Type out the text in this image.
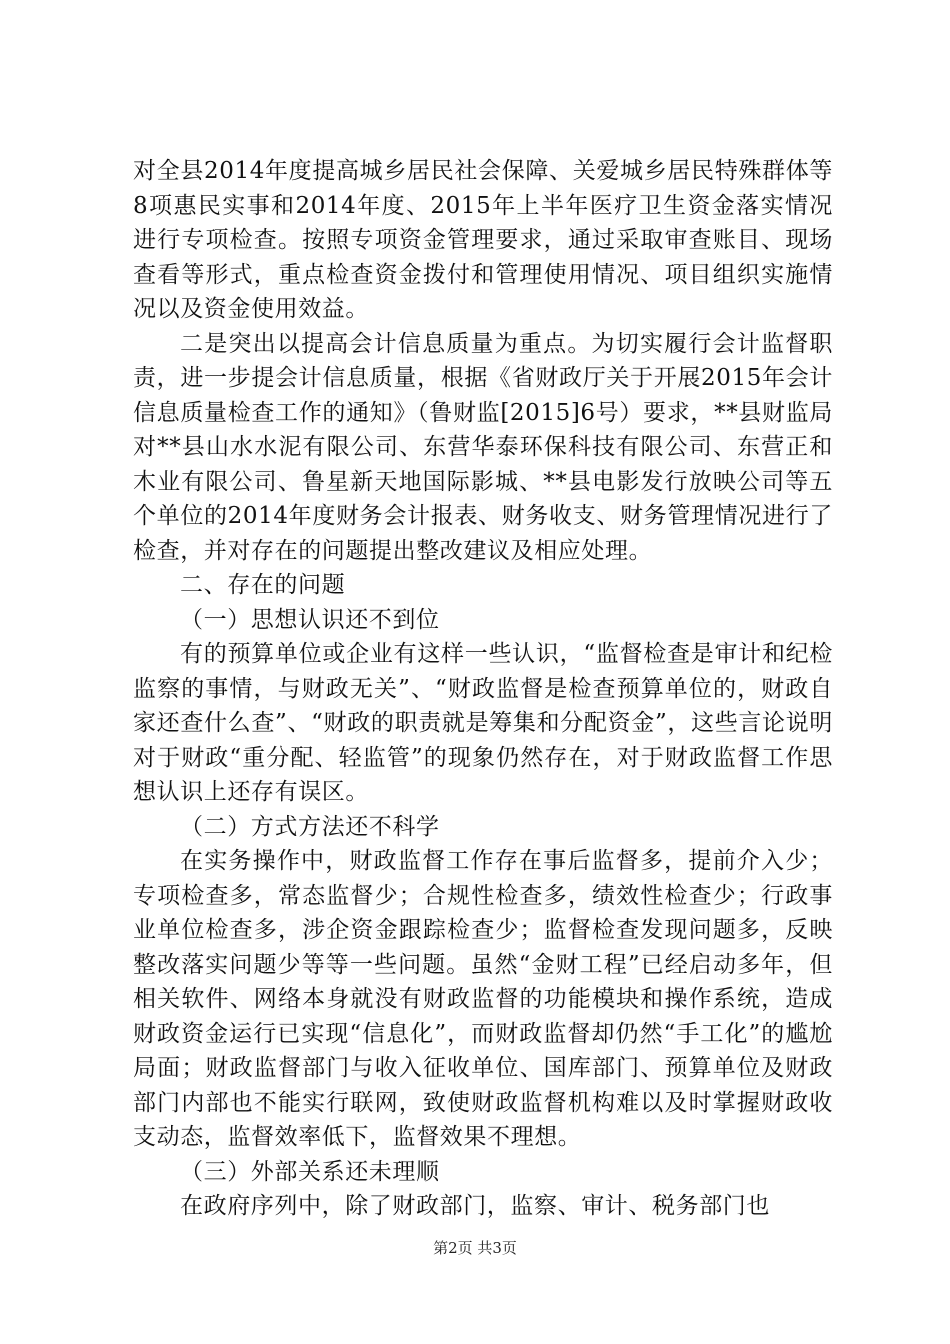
对全县2014年度提高城乡居民社会保障、关爱城乡居民特殊群体等8项惠民实事和2014年度、2015年上半年医疗卫生资金落实情况进行专项检查。按照专项资金管理要求，通过采取审查账目、现场查看等形式，重点检查资金拨付和管理使用情况、项目组织实施情况以及资金使用效益。

二是突出以提高会计信息质量为重点。为切实履行会计监督职责，进一步提会计信息质量，根据《省财政厅关于开展2015年会计信息质量检查工作的通知》（鲁财监[2015]6号）要求，**县财监局对**县山水水泥有限公司、东营华泰环保科技有限公司、东营正和木业有限公司、鲁星新天地国际影城、**县电影发行放映公司等五个单位的2014年度财务会计报表、财务收支、财务管理情况进行了检查，并对存在的问题提出整改建议及相应处理。

二、存在的问题

（一）思想认识还不到位

有的预算单位或企业有这样一些认识，“监督检查是审计和纪检监察的事情，与财政无关”、“财政监督是检查预算单位的，财政自家还查什么查”、“财政的职责就是筹集和分配资金”，这些言论说明对于财政“重分配、轻监管”的现象仍然存在，对于财政监督工作思想认识上还存有误区。

（二）方式方法还不科学

在实务操作中，财政监督工作存在事后监督多，提前介入少；专项检查多，常态监督少；合规性检查多，绩效性检查少；行政事业单位检查多，涉企资金跟踪检查少；监督检查发现问题多，反映整改落实问题少等等一些问题。虽然“金财工程”已经启动多年，但相关软件、网络本身就没有财政监督的功能模块和操作系统，造成财政资金运行已实现“信息化”，而财政监督却仍然“手工化”的尴尬局面；财政监督部门与收入征收单位、国库部门、预算单位及财政部门内部也不能实行联网，致使财政监督机构难以及时掌握财政收支动态，监督效率低下，监督效果不理想。

（三）外部关系还未理顺

在政府序列中，除了财政部门，监察、审计、税务部门也

第2页 共3页
